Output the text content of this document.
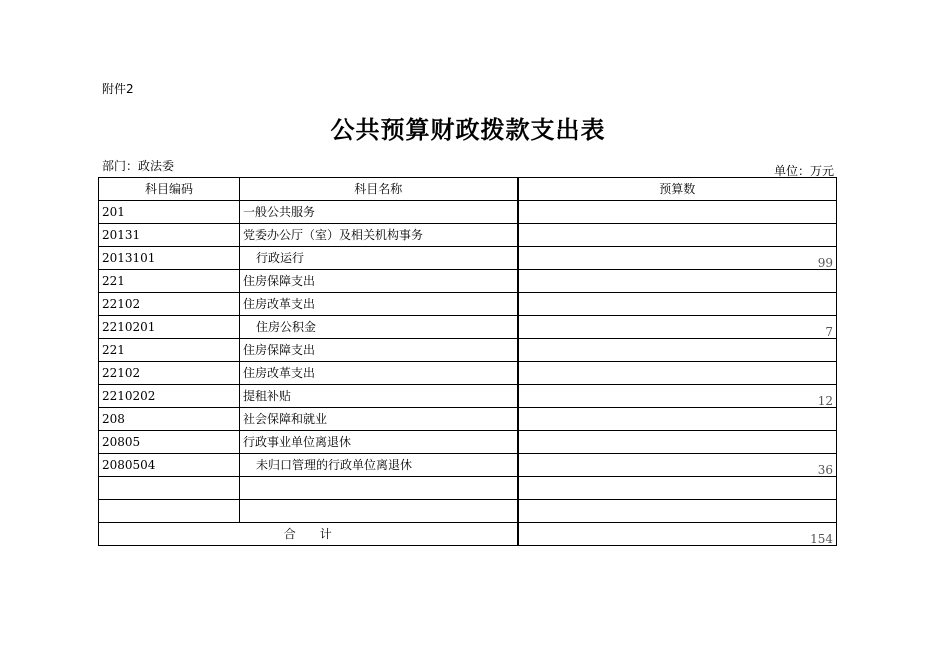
附件2
公共预算财政拨款支出表
部门：政法委	单位：万元
科目编码	科目名称	预算数
201	一般公共服务	
20131	党委办公厅（室）及相关机构事务	
2013101	行政运行	99
221	住房保障支出	
22102	住房改革支出	
2210201	住房公积金	7
221	住房保障支出	
22102	住房改革支出	
2210202	提租补贴	12
208	社会保障和就业	
20805	行政事业单位离退休	
2080504	未归口管理的行政单位离退休	36

合　　计		154
